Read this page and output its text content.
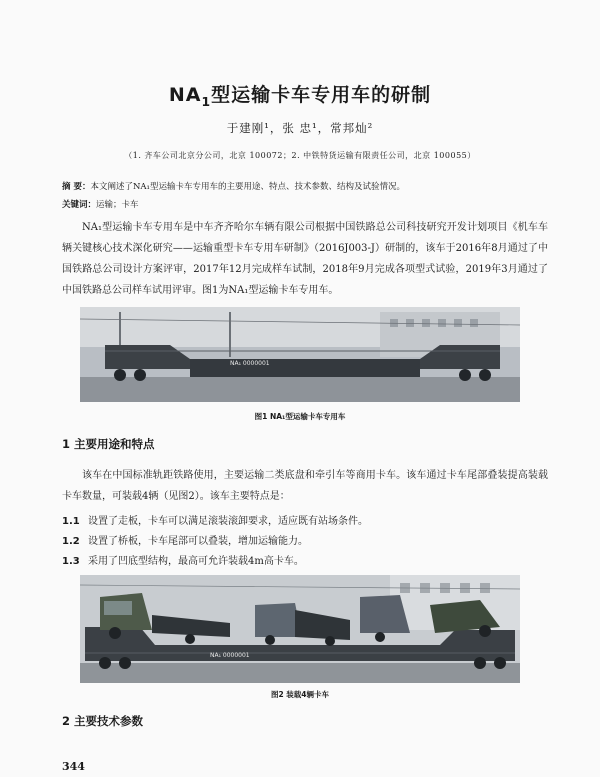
$NA_1$型运输卡车专用车的研制
于建刚¹，张 忠¹，常邦灿²
（1. 齐车公司北京分公司，北京 100072；2. 中铁特货运输有限责任公司，北京 100055）
摘 要：本文阐述了NA₁型运输卡车专用车的主要用途、特点、技术参数、结构及试验情况。
关键词：运输；卡车
NA₁型运输卡车专用车是中车齐齐哈尔车辆有限公司根据中国铁路总公司科技研究开发计划项目《机车车辆关键核心技术深化研究——运输重型卡车专用车研制》（2016J003-J）研制的，该车于2016年8月通过了中国铁路总公司设计方案评审，2017年12月完成样车试制，2018年9月完成各项型式试验，2019年3月通过了中国铁路总公司样车试用评审。图1为NA₁型运输卡车专用车。
NA₁ 0000001
图1 NA₁型运输卡车专用车
1 主要用途和特点
该车在中国标准轨距铁路使用，主要运输二类底盘和牵引车等商用卡车。该车通过卡车尾部叠装提高装载卡车数量，可装载4辆（见图2）。该车主要特点是：
1.1 设置了走板，卡车可以满足滚装滚卸要求，适应既有站场条件。
1.2 设置了桥板，卡车尾部可以叠装，增加运输能力。
1.3 采用了凹底型结构，最高可允许装载4m高卡车。
NA₁ 0000001
图2 装载4辆卡车
2 主要技术参数
344
